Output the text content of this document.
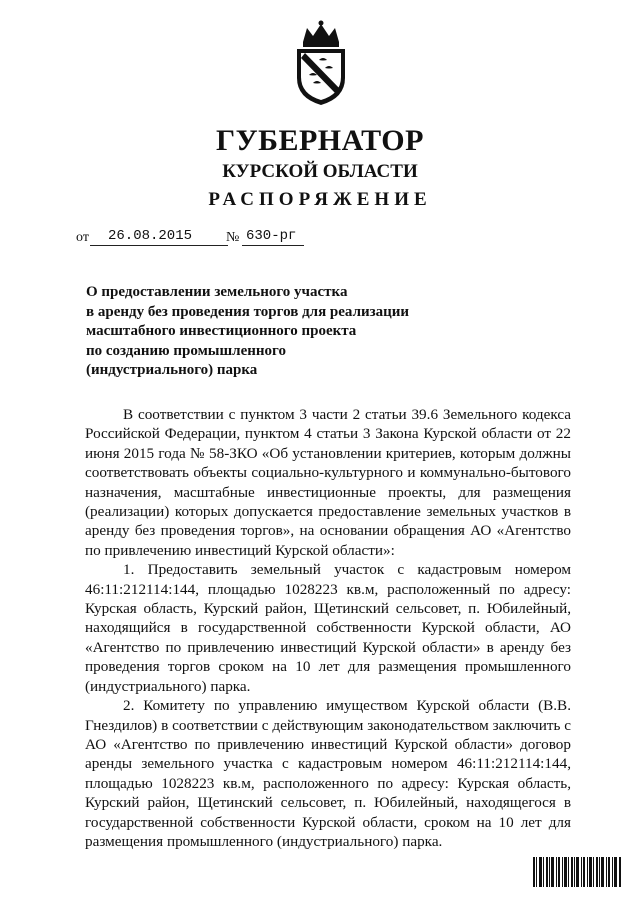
ГУБЕРНАТОР
КУРСКОЙ ОБЛАСТИ
РАСПОРЯЖЕНИЕ
от 26.08.2015 № 630-рг
О предоставлении земельного участка
в аренду без проведения торгов для реализации
масштабного инвестиционного проекта
по созданию промышленного
(индустриального) парка

В соответствии с пунктом 3 части 2 статьи 39.6 Земельного кодекса Российской Федерации, пунктом 4 статьи 3 Закона Курской области от 22 июня 2015 года № 58-ЗКО «Об установлении критериев, которым должны соответствовать объекты социально-культурного и коммунально-бытового назначения, масштабные инвестиционные проекты, для размещения (реализации) которых допускается предоставление земельных участков в аренду без проведения торгов», на основании обращения АО «Агентство по привлечению инвестиций Курской области»:

1. Предоставить земельный участок с кадастровым номером 46:11:212114:144, площадью 1028223 кв.м, расположенный по адресу: Курская область, Курский район, Щетинский сельсовет, п. Юбилейный, находящийся в государственной собственности Курской области, АО «Агентство по привлечению инвестиций Курской области» в аренду без проведения торгов сроком на 10 лет для размещения промышленного (индустриального) парка.

2. Комитету по управлению имуществом Курской области (В.В. Гнездилов) в соответствии с действующим законодательством заключить с АО «Агентство по привлечению инвестиций Курской области» договор аренды земельного участка с кадастровым номером 46:11:212114:144, площадью 1028223 кв.м, расположенного по адресу: Курская область, Курский район, Щетинский сельсовет, п. Юбилейный, находящегося в государственной собственности Курской области, сроком на 10 лет для размещения промышленного (индустриального) парка.
